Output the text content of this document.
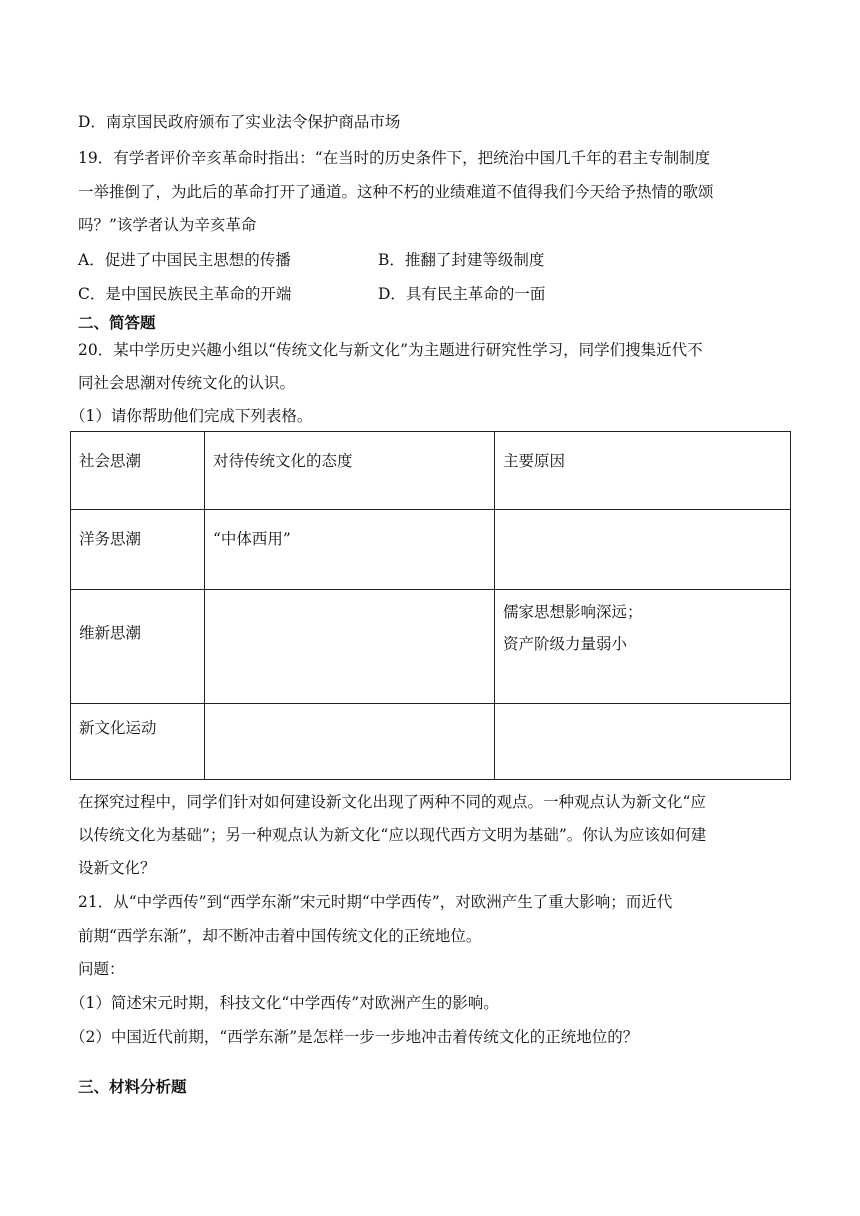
D．南京国民政府颁布了实业法令保护商品市场
19．有学者评价辛亥革命时指出：“在当时的历史条件下，把统治中国几千年的君主专制制度
一举推倒了，为此后的革命打开了通道。这种不朽的业绩难道不值得我们今天给予热情的歌颂
吗？”该学者认为辛亥革命
A．促进了中国民主思想的传播	B．推翻了封建等级制度
C．是中国民族民主革命的开端	D．具有民主革命的一面
二、简答题
20．某中学历史兴趣小组以“传统文化与新文化”为主题进行研究性学习，同学们搜集近代不
同社会思潮对传统文化的认识。
（1）请你帮助他们完成下列表格。
社会思潮	对待传统文化的态度	主要原因

洋务思潮	“中体西用”	

维新思潮		儒家思想影响深远；
资产阶级力量弱小

新文化运动		

在探究过程中，同学们针对如何建设新文化出现了两种不同的观点。一种观点认为新文化“应
以传统文化为基础”；另一种观点认为新文化“应以现代西方文明为基础”。你认为应该如何建
设新文化？
21．从“中学西传”到“西学东渐”宋元时期“中学西传”，对欧洲产生了重大影响；而近代
前期“西学东渐”，却不断冲击着中国传统文化的正统地位。
问题：
（1）简述宋元时期，科技文化“中学西传”对欧洲产生的影响。
（2）中国近代前期，“西学东渐”是怎样一步一步地冲击着传统文化的正统地位的？
三、材料分析题
